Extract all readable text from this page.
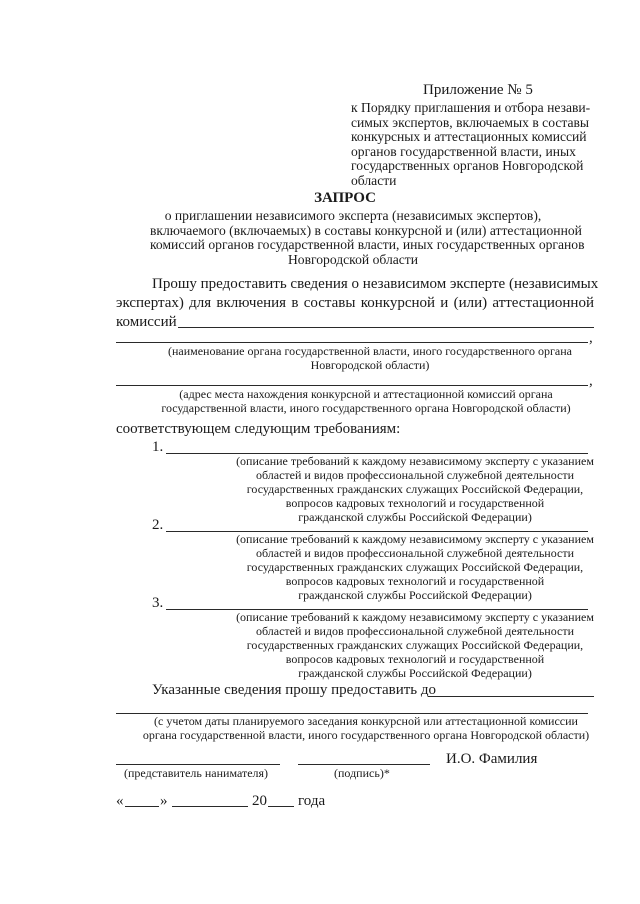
Приложение № 5
к Порядку приглашения и отбора незави-
симых экспертов, включаемых в составы
конкурсных и аттестационных комиссий
органов государственной власти, иных
государственных органов Новгородской
области
ЗАПРОС
о приглашении независимого эксперта (независимых экспертов),
включаемого (включаемых) в составы конкурсной и (или) аттестационной
комиссий органов государственной власти, иных государственных органов
Новгородской области
Прошу предоставить сведения о независимом эксперте (независимых
экспертах) для включения в составы конкурсной и (или) аттестационной
комиссий
,
(наименование органа государственной власти, иного государственного органа
Новгородской области)
,
(адрес места нахождения конкурсной и аттестационной комиссий органа
государственной власти, иного государственного органа Новгородской области)
соответствующем следующим требованиям:
1.
(описание требований к каждому независимому эксперту с указанием
областей и видов профессиональной служебной деятельности
государственных гражданских служащих Российской Федерации,
вопросов кадровых технологий и государственной
гражданской службы Российской Федерации)
2.
(описание требований к каждому независимому эксперту с указанием
областей и видов профессиональной служебной деятельности
государственных гражданских служащих Российской Федерации,
вопросов кадровых технологий и государственной
гражданской службы Российской Федерации)
3.
(описание требований к каждому независимому эксперту с указанием
областей и видов профессиональной служебной деятельности
государственных гражданских служащих Российской Федерации,
вопросов кадровых технологий и государственной
гражданской службы Российской Федерации)
Указанные сведения прошу предоставить до
(с учетом даты планируемого заседания конкурсной или аттестационной комиссии
органа государственной власти, иного государственного органа Новгородской области)
И.О. Фамилия
(представитель нанимателя)	(подпись)*
« »	20 года
